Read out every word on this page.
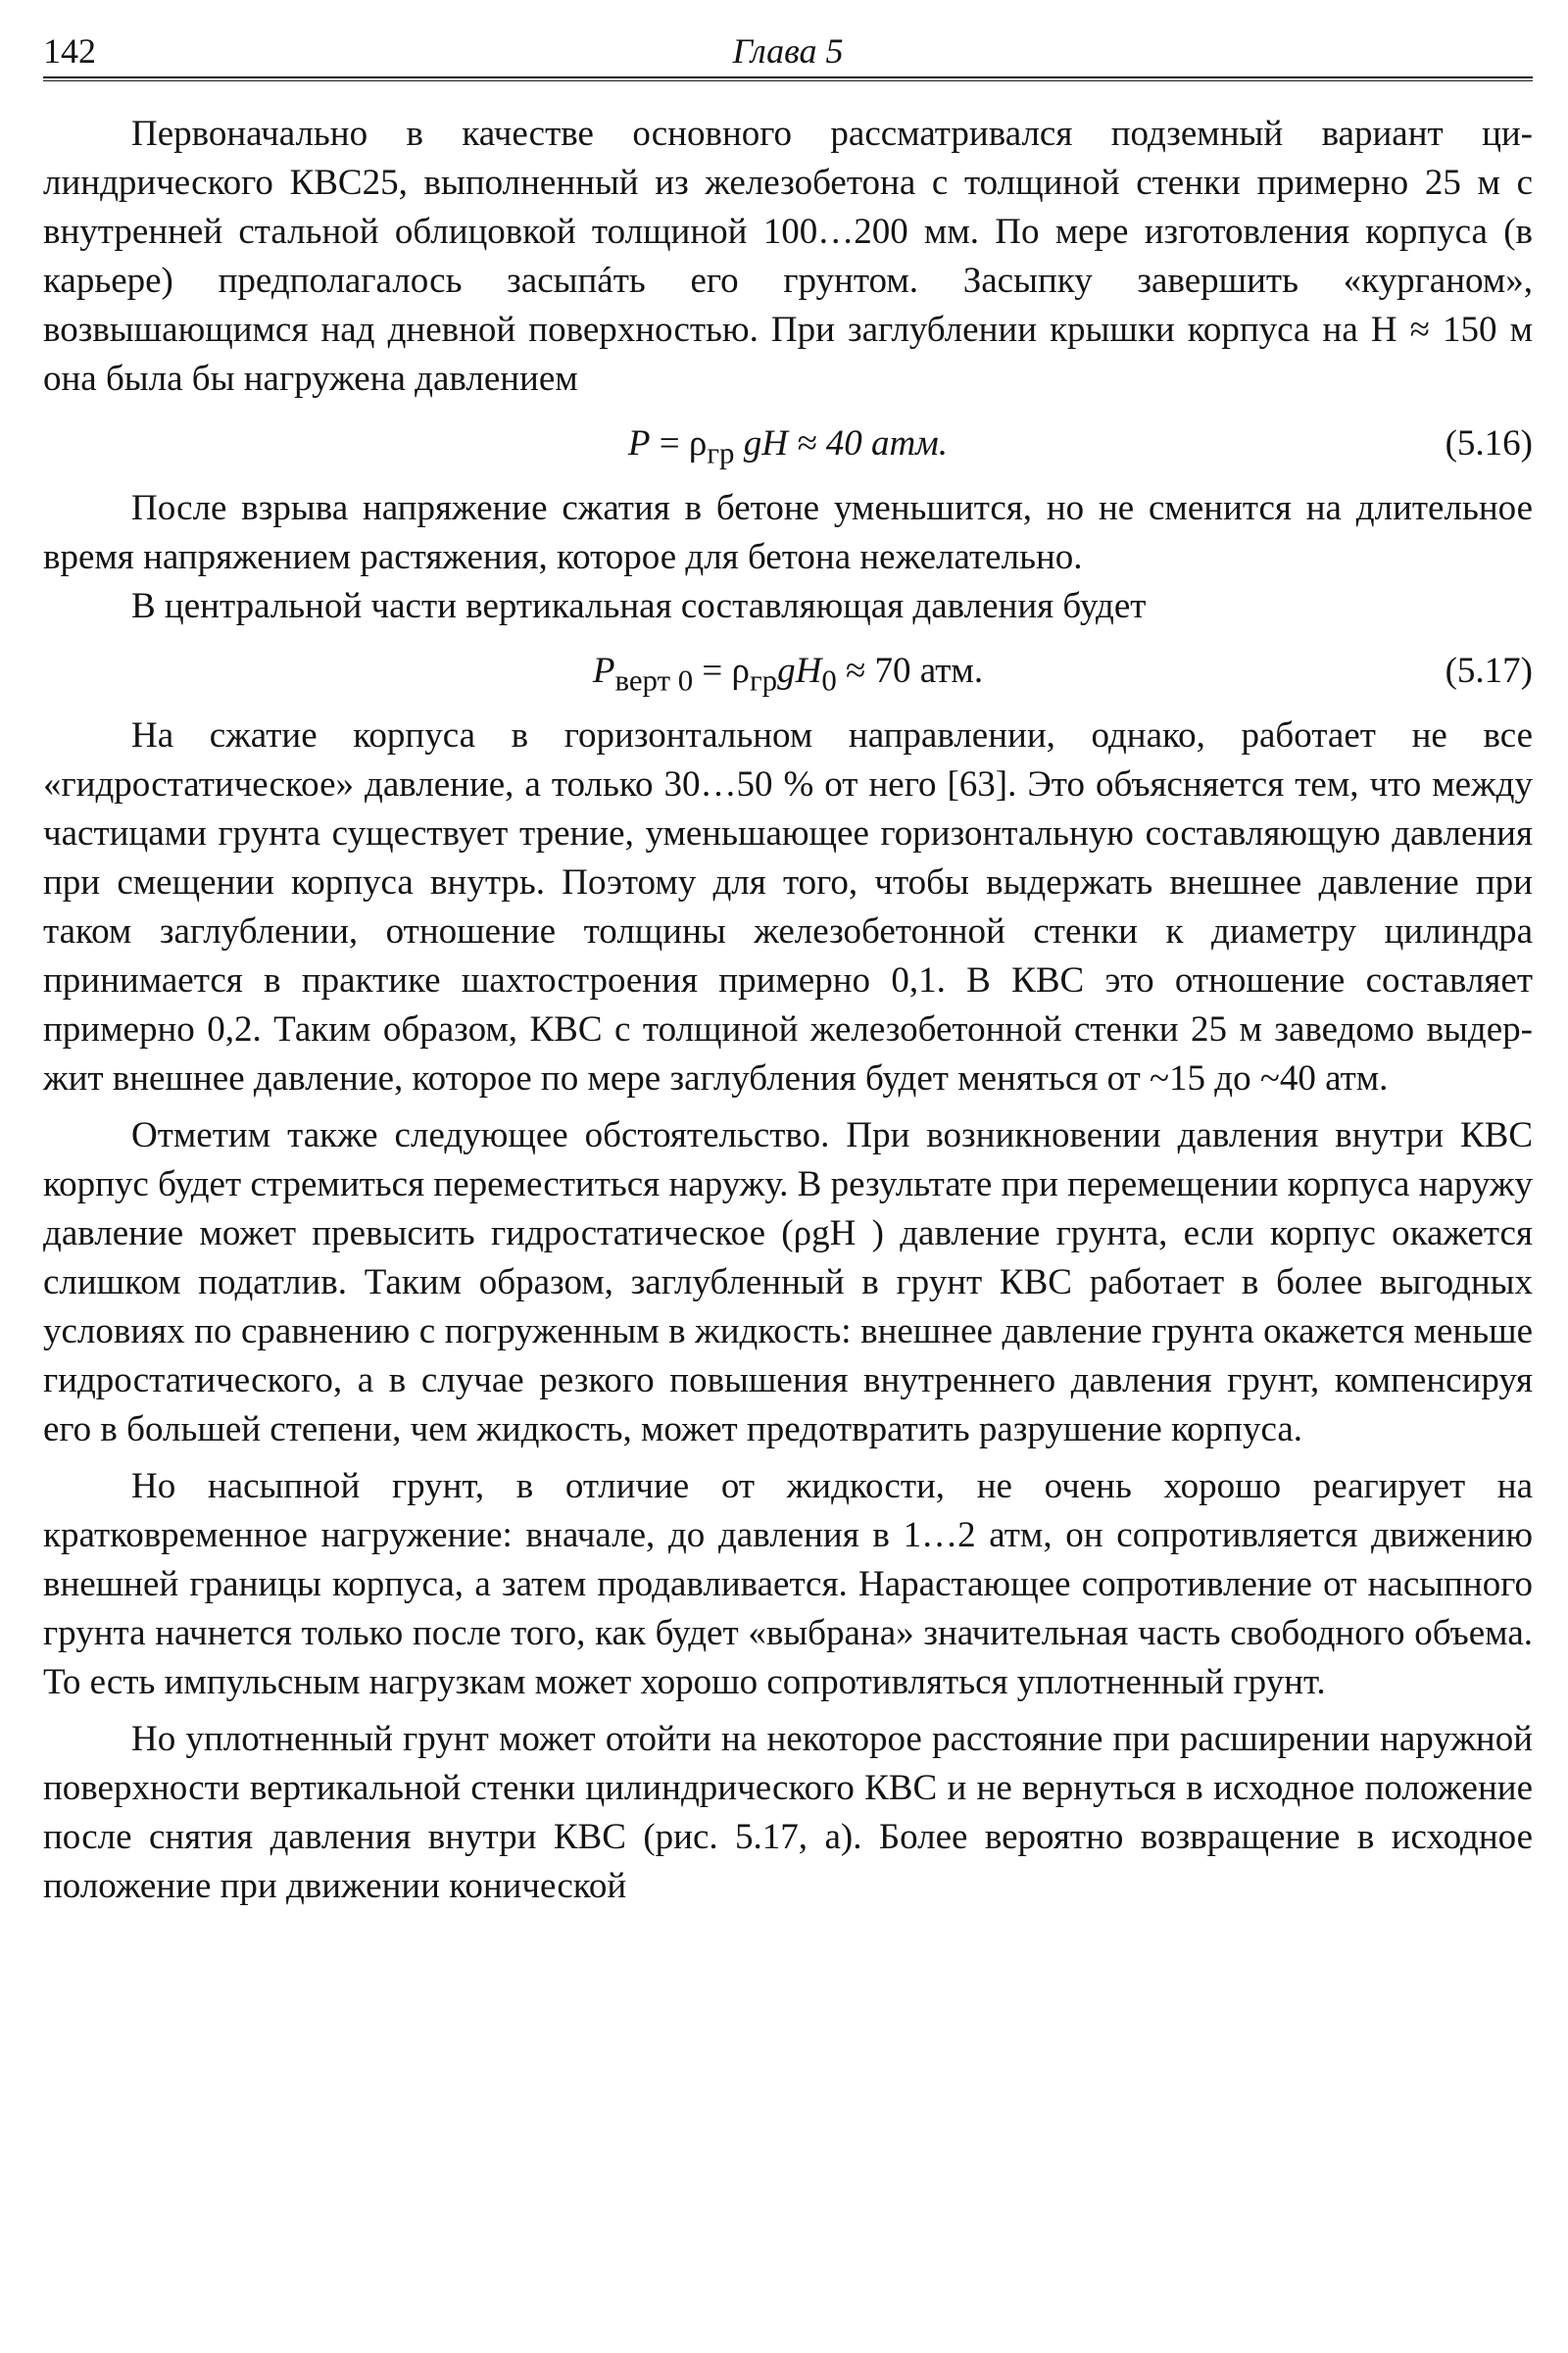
142	Глава 5

Первоначально в качестве основного рассматривался подземный вариант цилиндрического КВС25, выполненный из железобетона с толщиной стенки примерно 25 м с внутренней стальной облицовкой толщиной 100…200 мм. По мере изготовления корпуса (в карьере) предполагалось засыпáть его грунтом. Засыпку завершить «курганом», возвышающимся над дневной поверхностью. При заглублении крышки корпуса на H ≈ 150 м она была бы нагружена давлением

$P = \rho_{гр}$ gH ≈ 40 атм.	(5.16)

После взрыва напряжение сжатия в бетоне уменьшится, но не сменится на длительное время напряжением растяжения, которое для бетона нежелательно.

В центральной части вертикальная составляющая давления будет

$P_{верт 0} = \rho_{гр}gH_0 \approx 70$ атм.	(5.17)

На сжатие корпуса в горизонтальном направлении, однако, работает не все «гидростатическое» давление, а только 30…50 % от него [63]. Это объясняется тем, что между частицами грунта существует трение, уменьшающее горизонтальную составляющую давления при смещении корпуса внутрь. Поэтому для того, чтобы выдержать внешнее давление при таком заглублении, отношение толщины железобетонной стенки к диаметру цилиндра принимается в практике шахтостроения примерно 0,1. В КВС это отношение составляет примерно 0,2. Таким образом, КВС с толщиной железобетонной стенки 25 м заведомо выдержит внешнее давление, которое по мере заглубления будет меняться от ~15 до ~40 атм.

Отметим также следующее обстоятельство. При возникновении давления внутри КВС корпус будет стремиться переместиться наружу. В результате при перемещении корпуса наружу давление может превысить гидростатическое (ρgH ) давление грунта, если корпус окажется слишком податлив. Таким образом, заглубленный в грунт КВС работает в более выгодных условиях по сравнению с погруженным в жидкость: внешнее давление грунта окажется меньше гидростатического, а в случае резкого повышения внутреннего давления грунт, компенсируя его в большей степени, чем жидкость, может предотвратить разрушение корпуса.

Но насыпной грунт, в отличие от жидкости, не очень хорошо реагирует на кратковременное нагружение: вначале, до давления в 1…2 атм, он сопротивляется движению внешней границы корпуса, а затем продавливается. Нарастающее сопротивление от насыпного грунта начнется только после того, как будет «выбрана» значительная часть свободного объема. То есть импульсным нагрузкам может хорошо сопротивляться уплотненный грунт.

Но уплотненный грунт может отойти на некоторое расстояние при расширении наружной поверхности вертикальной стенки цилиндрического КВС и не вернуться в исходное положение после снятия давления внутри КВС (рис. 5.17, а). Более вероятно возвращение в исходное положение при движении конической
